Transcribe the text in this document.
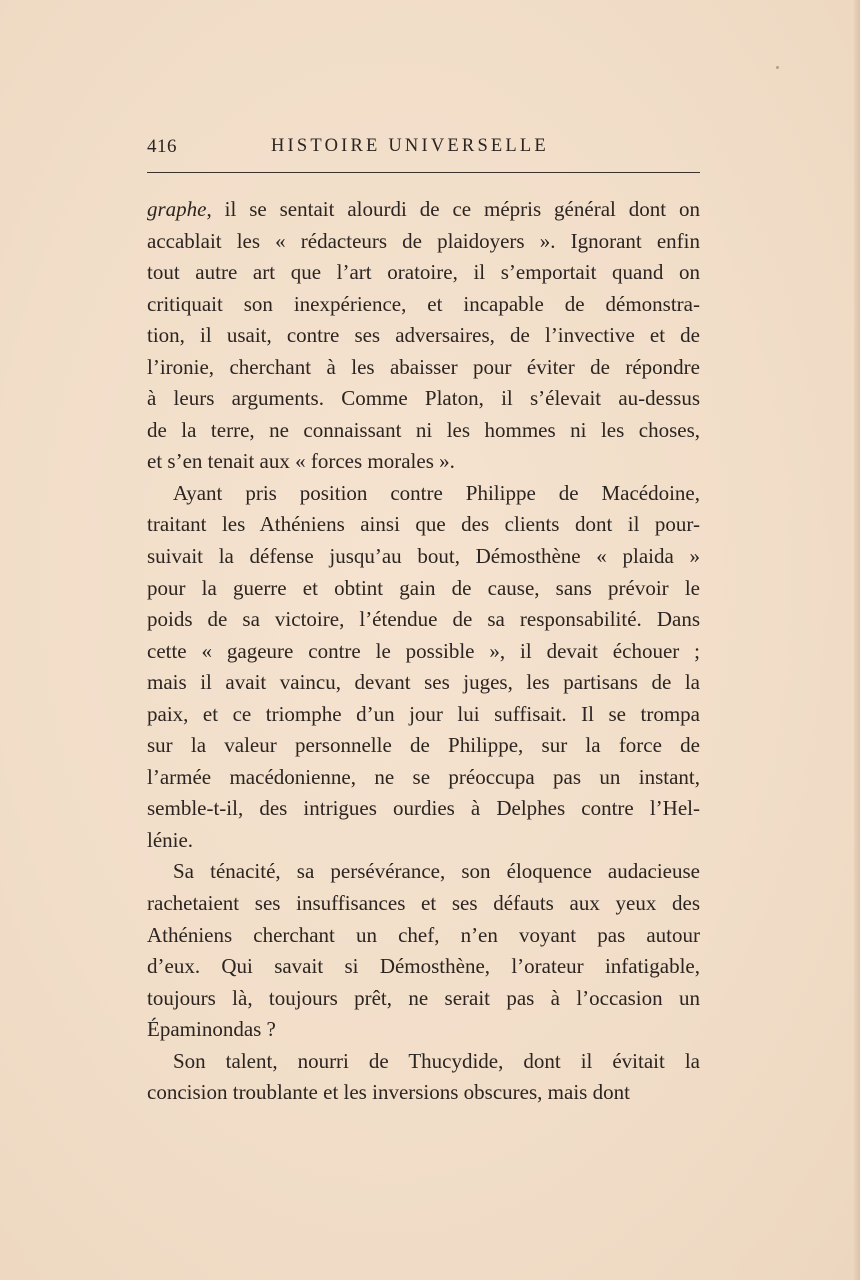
416	HISTOIRE UNIVERSELLE
graphe, il se sentait alourdi de ce mépris général dont on
accablait les « rédacteurs de plaidoyers ». Ignorant enfin
tout autre art que l’art oratoire, il s’emportait quand on
critiquait son inexpérience, et incapable de démonstra-
tion, il usait, contre ses adversaires, de l’invective et de
l’ironie, cherchant à les abaisser pour éviter de répondre
à leurs arguments. Comme Platon, il s’élevait au-dessus
de la terre, ne connaissant ni les hommes ni les choses,
et s’en tenait aux « forces morales ».
Ayant pris position contre Philippe de Macédoine,
traitant les Athéniens ainsi que des clients dont il pour-
suivait la défense jusqu’au bout, Démosthène « plaida »
pour la guerre et obtint gain de cause, sans prévoir le
poids de sa victoire, l’étendue de sa responsabilité. Dans
cette « gageure contre le possible », il devait échouer ;
mais il avait vaincu, devant ses juges, les partisans de la
paix, et ce triomphe d’un jour lui suffisait. Il se trompa
sur la valeur personnelle de Philippe, sur la force de
l’armée macédonienne, ne se préoccupa pas un instant,
semble-t-il, des intrigues ourdies à Delphes contre l’Hel-
lénie.
Sa ténacité, sa persévérance, son éloquence audacieuse
rachetaient ses insuffisances et ses défauts aux yeux des
Athéniens cherchant un chef, n’en voyant pas autour
d’eux. Qui savait si Démosthène, l’orateur infatigable,
toujours là, toujours prêt, ne serait pas à l’occasion un
Épaminondas ?
Son talent, nourri de Thucydide, dont il évitait la
concision troublante et les inversions obscures, mais dont
